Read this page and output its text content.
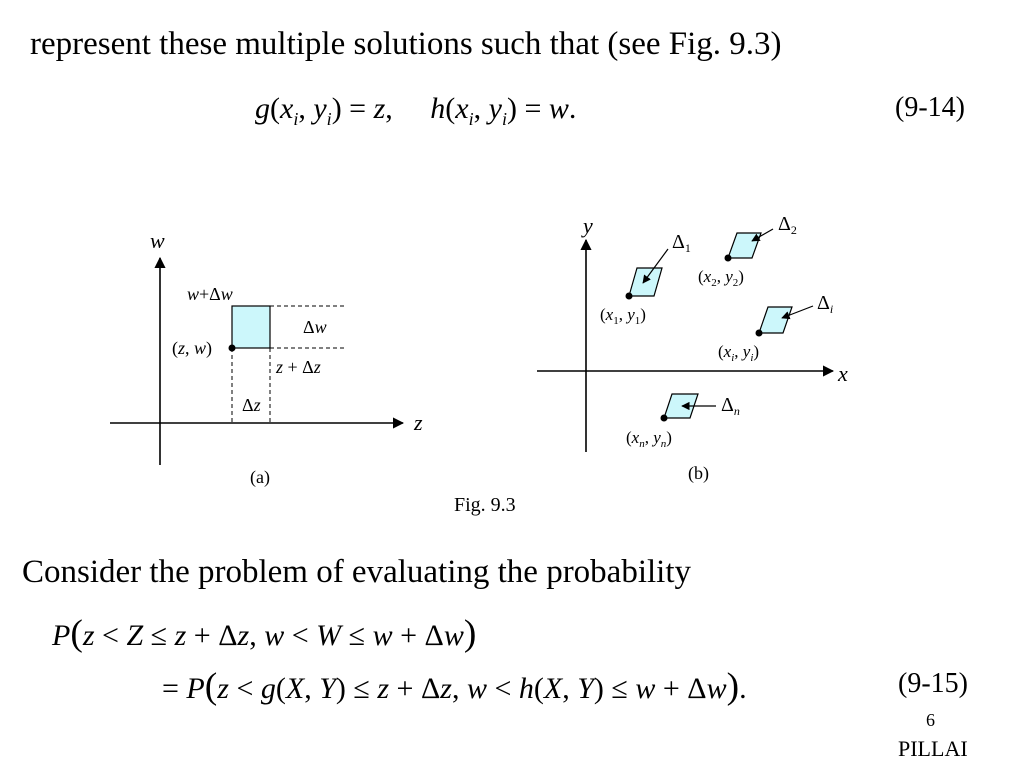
represent these multiple solutions such that (see Fig. 9.3)
$g(x_i$, $y_i) = z$,     $h(x_i$, $y_i) = w$.	(9-14)
w
z
w+Δw
Δw
(z, w)
z + Δz
Δz
(a)
x
y
$\Delta_1$
($x_1$, $y_1$)
$\Delta_2$
($x_2$, $y_2$)
$\Delta_i$
($x_i$, $y_i$)
$\Delta_n$
($x_n$, $y_n$)
(b)
Fig. 9.3
Consider the problem of evaluating the probability
P(z < Z ≤ z + Δz, w < W ≤ w + Δw)
= P(z < g(X, Y) ≤ z + Δz, w < h(X, Y) ≤ w + Δw).	(9-15)
6
PILLAI
